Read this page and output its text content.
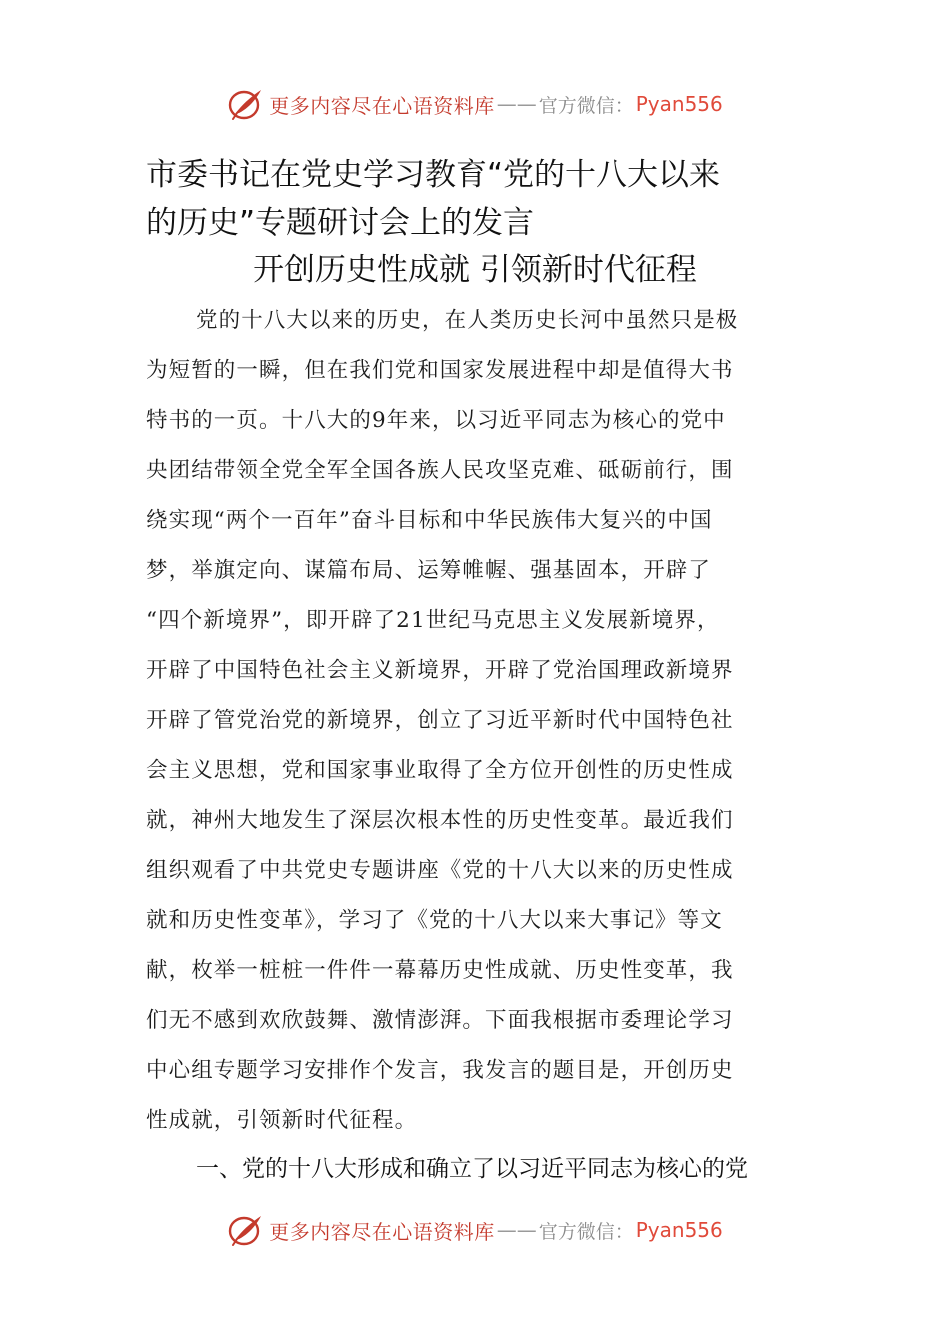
更多内容尽在心语资料库 —— 官方微信： Pyan556
市委书记在党史学习教育“党的十八大以来
的历史”专题研讨会上的发言
开创历史性成就 引领新时代征程
党的十八大以来的历史，在人类历史长河中虽然只是极
为短暂的一瞬，但在我们党和国家发展进程中却是值得大书
特书的一页。十八大的9年来，以习近平同志为核心的党中
央团结带领全党全军全国各族人民攻坚克难、砥砺前行，围
绕实现“两个一百年”奋斗目标和中华民族伟大复兴的中国
梦，举旗定向、谋篇布局、运筹帷幄、强基固本，开辟了
“四个新境界”，即开辟了21世纪马克思主义发展新境界，
开辟了中国特色社会主义新境界，开辟了党治国理政新境界
开辟了管党治党的新境界，创立了习近平新时代中国特色社
会主义思想，党和国家事业取得了全方位开创性的历史性成
就，神州大地发生了深层次根本性的历史性变革。最近我们
组织观看了中共党史专题讲座《党的十八大以来的历史性成
就和历史性变革》，学习了《党的十八大以来大事记》等文
献，枚举一桩桩一件件一幕幕历史性成就、历史性变革，我
们无不感到欢欣鼓舞、激情澎湃。下面我根据市委理论学习
中心组专题学习安排作个发言，我发言的题目是，开创历史
性成就，引领新时代征程。
一、党的十八大形成和确立了以习近平同志为核心的党
更多内容尽在心语资料库 —— 官方微信： Pyan556
